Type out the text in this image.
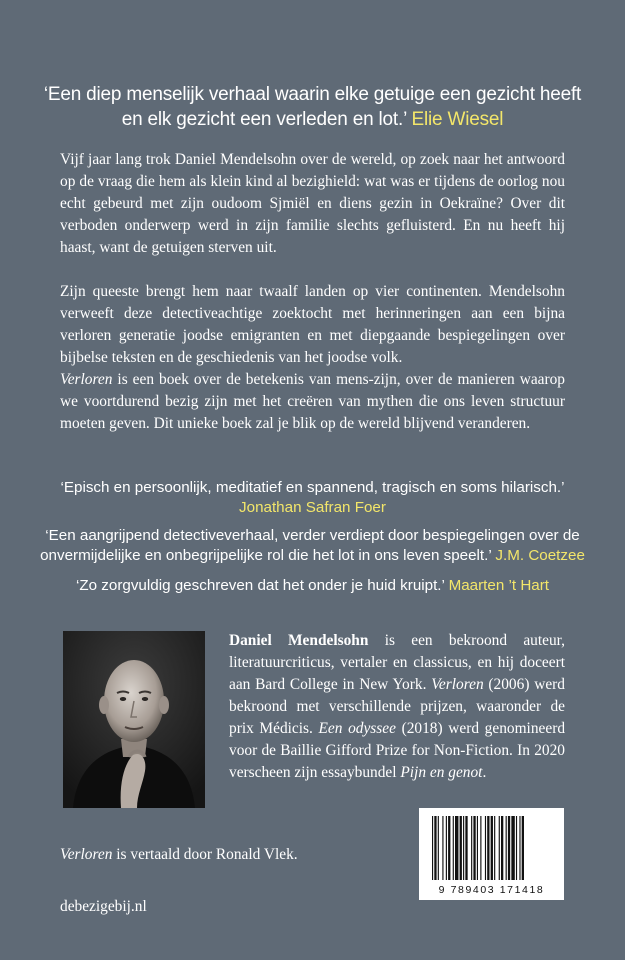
‘Een diep menselijk verhaal waarin elke getuige een gezicht heeft en elk gezicht een verleden en lot.’ Elie Wiesel

Vijf jaar lang trok Daniel Mendelsohn over de wereld, op zoek naar het antwoord op de vraag die hem als klein kind al bezighield: wat was er tijdens de oorlog nou echt gebeurd met zijn oudoom Sjmiël en diens gezin in Oekraïne? Over dit verboden onderwerp werd in zijn familie slechts gefluisterd. En nu heeft hij haast, want de getuigen sterven uit.

Zijn queeste brengt hem naar twaalf landen op vier continenten. Mendelsohn verweeft deze detectiveachtige zoektocht met herinneringen aan een bijna verloren generatie joodse emigranten en met diepgaande bespiegelingen over bijbelse teksten en de geschiedenis van het joodse volk.

Verloren is een boek over de betekenis van mens-zijn, over de manieren waarop we voortdurend bezig zijn met het creëren van mythen die ons leven structuur moeten geven. Dit unieke boek zal je blik op de wereld blijvend veranderen.

‘Episch en persoonlijk, meditatief en spannend, tragisch en soms hilarisch.’
Jonathan Safran Foer
‘Een aangrijpend detectiveverhaal, verder verdiept door bespiegelingen over de onvermijdelijke en onbegrijpelijke rol die het lot in ons leven speelt.’ J.M. Coetzee
‘Zo zorgvuldig geschreven dat het onder je huid kruipt.’ Maarten ’t Hart

Daniel Mendelsohn is een bekroond auteur, literatuurcriticus, vertaler en classicus, en hij doceert aan Bard College in New York. Verloren (2006) werd bekroond met verschillende prijzen, waaronder de prix Médicis. Een odyssee (2018) werd genomineerd voor de Baillie Gifford Prize for Non-Fiction. In 2020 verscheen zijn essaybundel Pijn en genot.

Verloren is vertaald door Ronald Vlek.
debezigebij.nl
9 789403 171418
